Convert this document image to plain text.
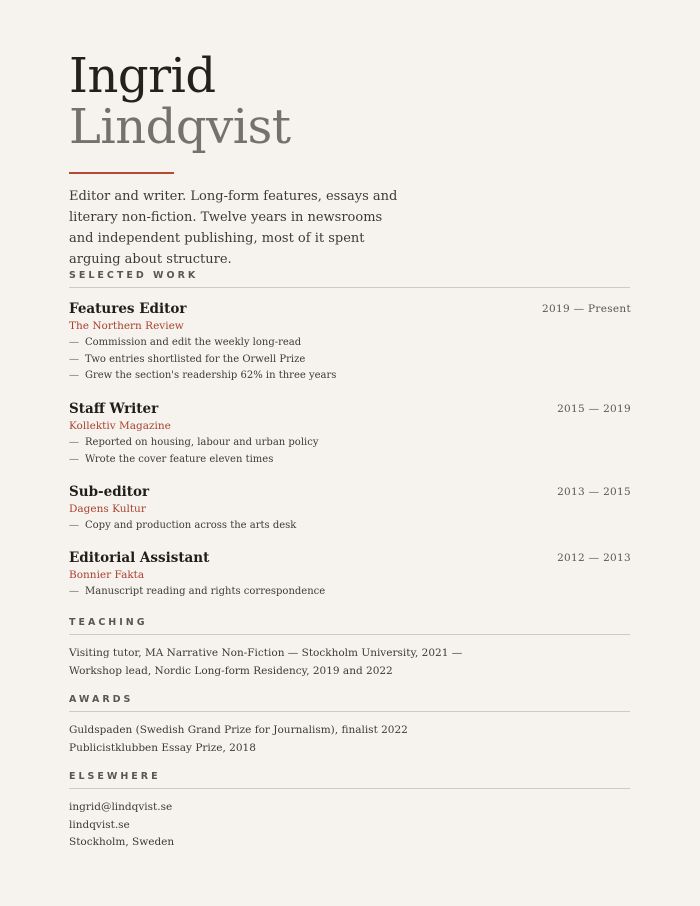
Ingrid
Lindqvist

Editor and writer. Long-form features, essays and literary non-fiction. Twelve years in newsrooms and independent publishing, most of it spent arguing about structure.

SELECTED WORK
Features Editor	2019 — Present
The Northern Review
— Commission and edit the weekly long-read
— Two entries shortlisted for the Orwell Prize
— Grew the section's readership 62% in three years
Staff Writer	2015 — 2019
Kollektiv Magazine
— Reported on housing, labour and urban policy
— Wrote the cover feature eleven times
Sub-editor	2013 — 2015
Dagens Kultur
— Copy and production across the arts desk
Editorial Assistant	2012 — 2013
Bonnier Fakta
— Manuscript reading and rights correspondence
TEACHING
Visiting tutor, MA Narrative Non-Fiction — Stockholm University, 2021 —
Workshop lead, Nordic Long-form Residency, 2019 and 2022
AWARDS
Guldspaden (Swedish Grand Prize for Journalism), finalist 2022
Publicistklubben Essay Prize, 2018
ELSEWHERE
ingrid@lindqvist.se
lindqvist.se
Stockholm, Sweden
